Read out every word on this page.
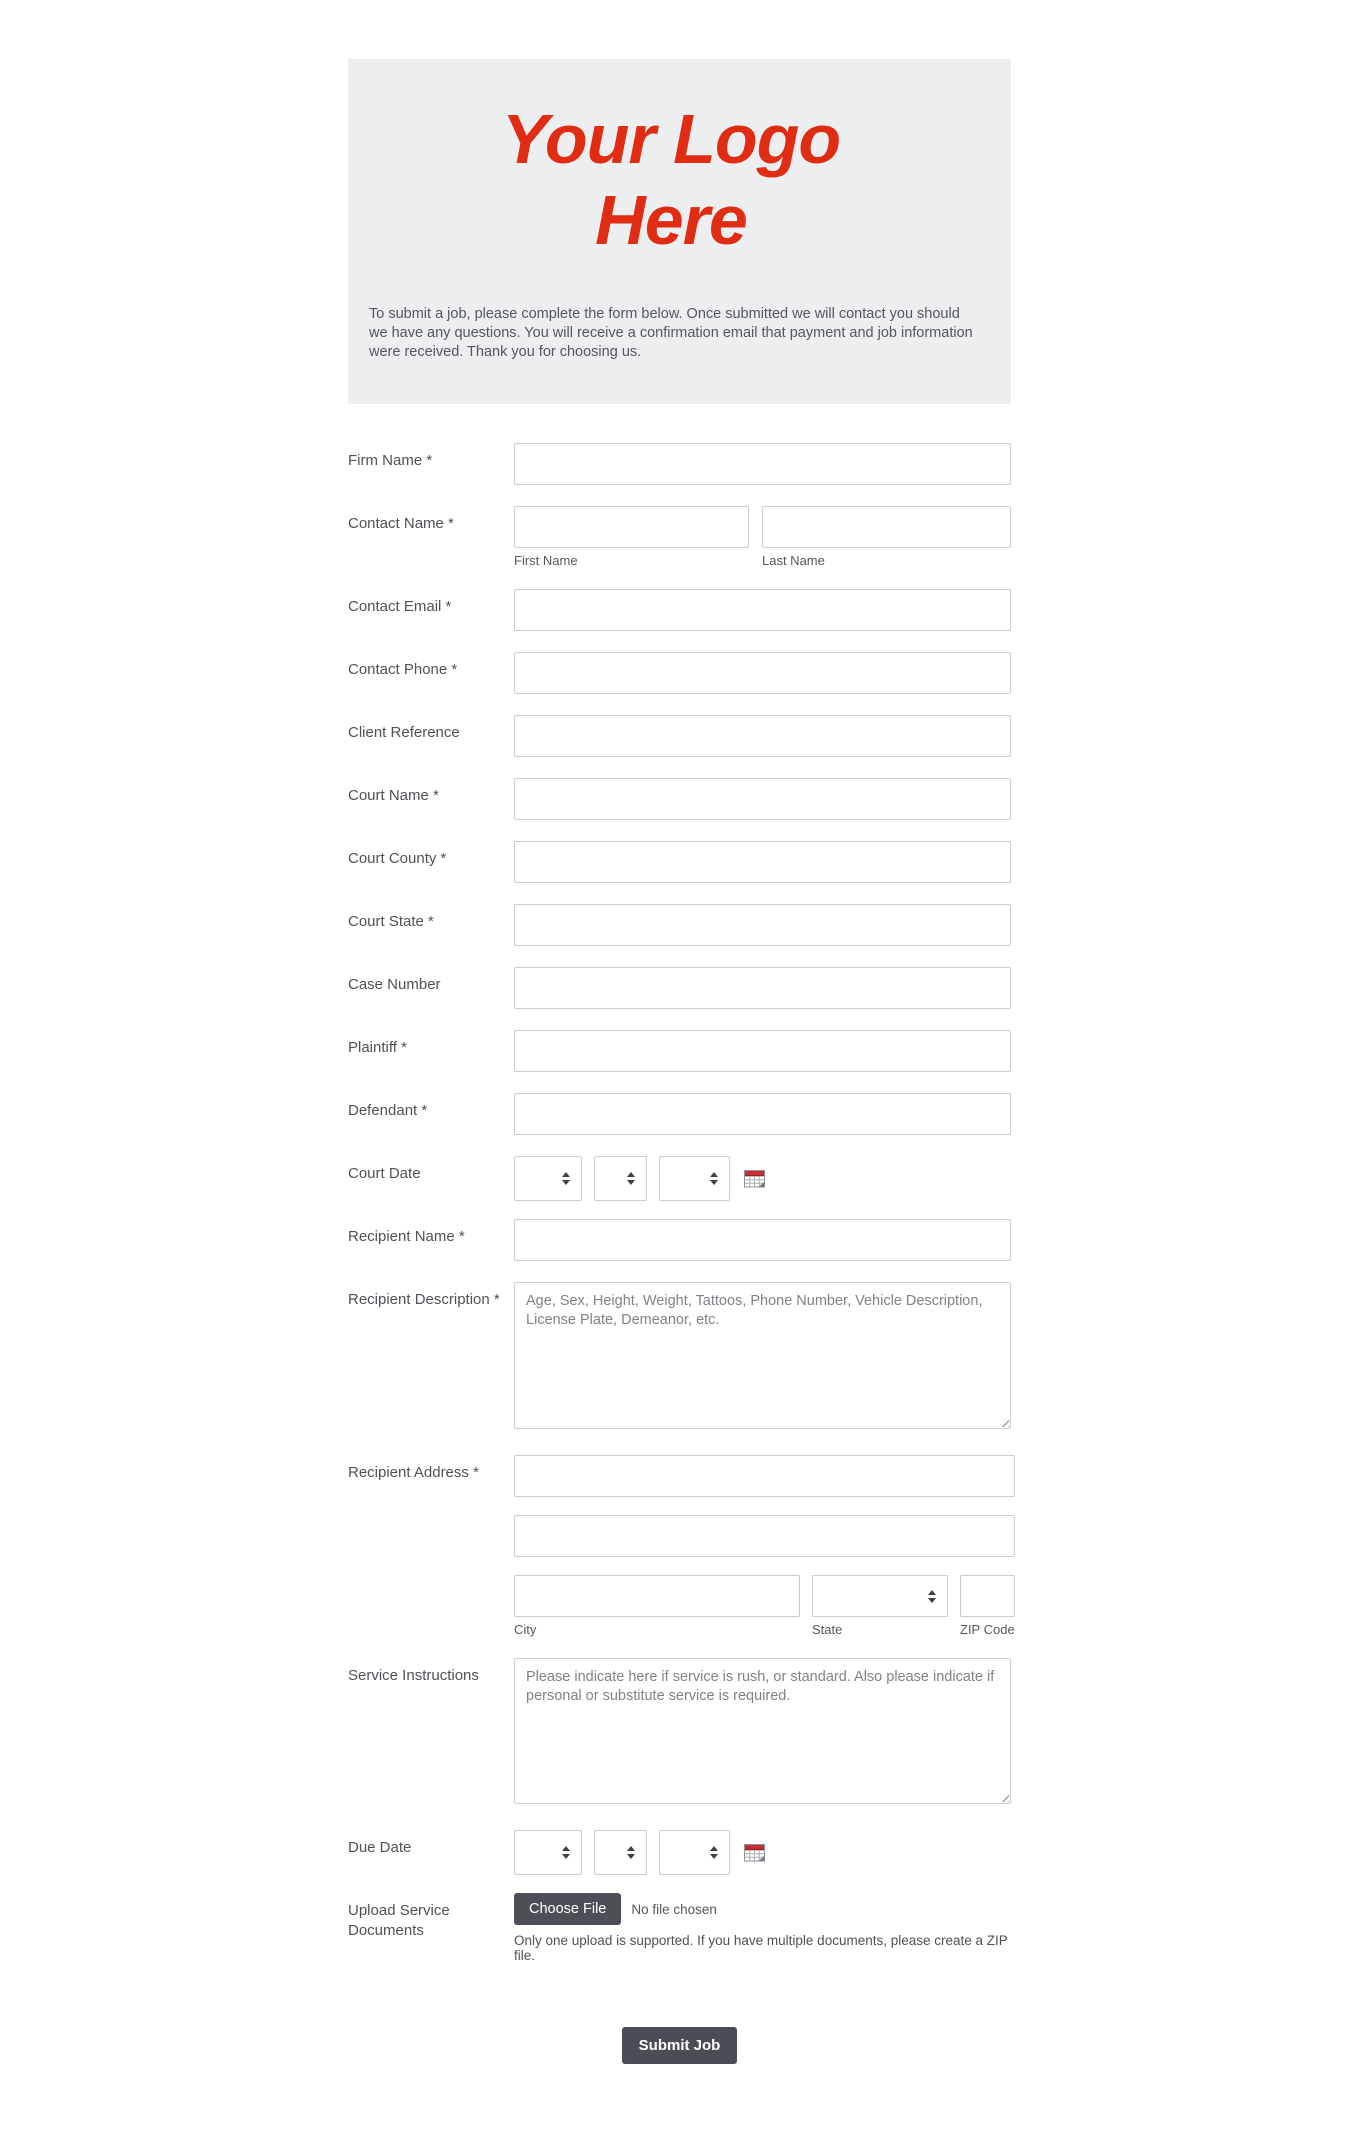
Your Logo
Here

To submit a job, please complete the form below. Once submitted we will contact you should we have any questions. You will receive a confirmation email that payment and job information were received. Thank you for choosing us.

Firm Name *
Contact Name *
First Name	Last Name
Contact Email *
Contact Phone *
Client Reference
Court Name *
Court County *
Court State *
Case Number
Plaintiff *
Defendant *
Court Date
Recipient Name *
Recipient Description *
Age, Sex, Height, Weight, Tattoos, Phone Number, Vehicle Description, License Plate, Demeanor, etc.
Recipient Address *
City	State	ZIP Code
Service Instructions
Please indicate here if service is rush, or standard. Also please indicate if personal or substitute service is required.
Due Date
Upload Service Documents
Choose File	No file chosen
Only one upload is supported. If you have multiple documents, please create a ZIP file.
Submit Job
